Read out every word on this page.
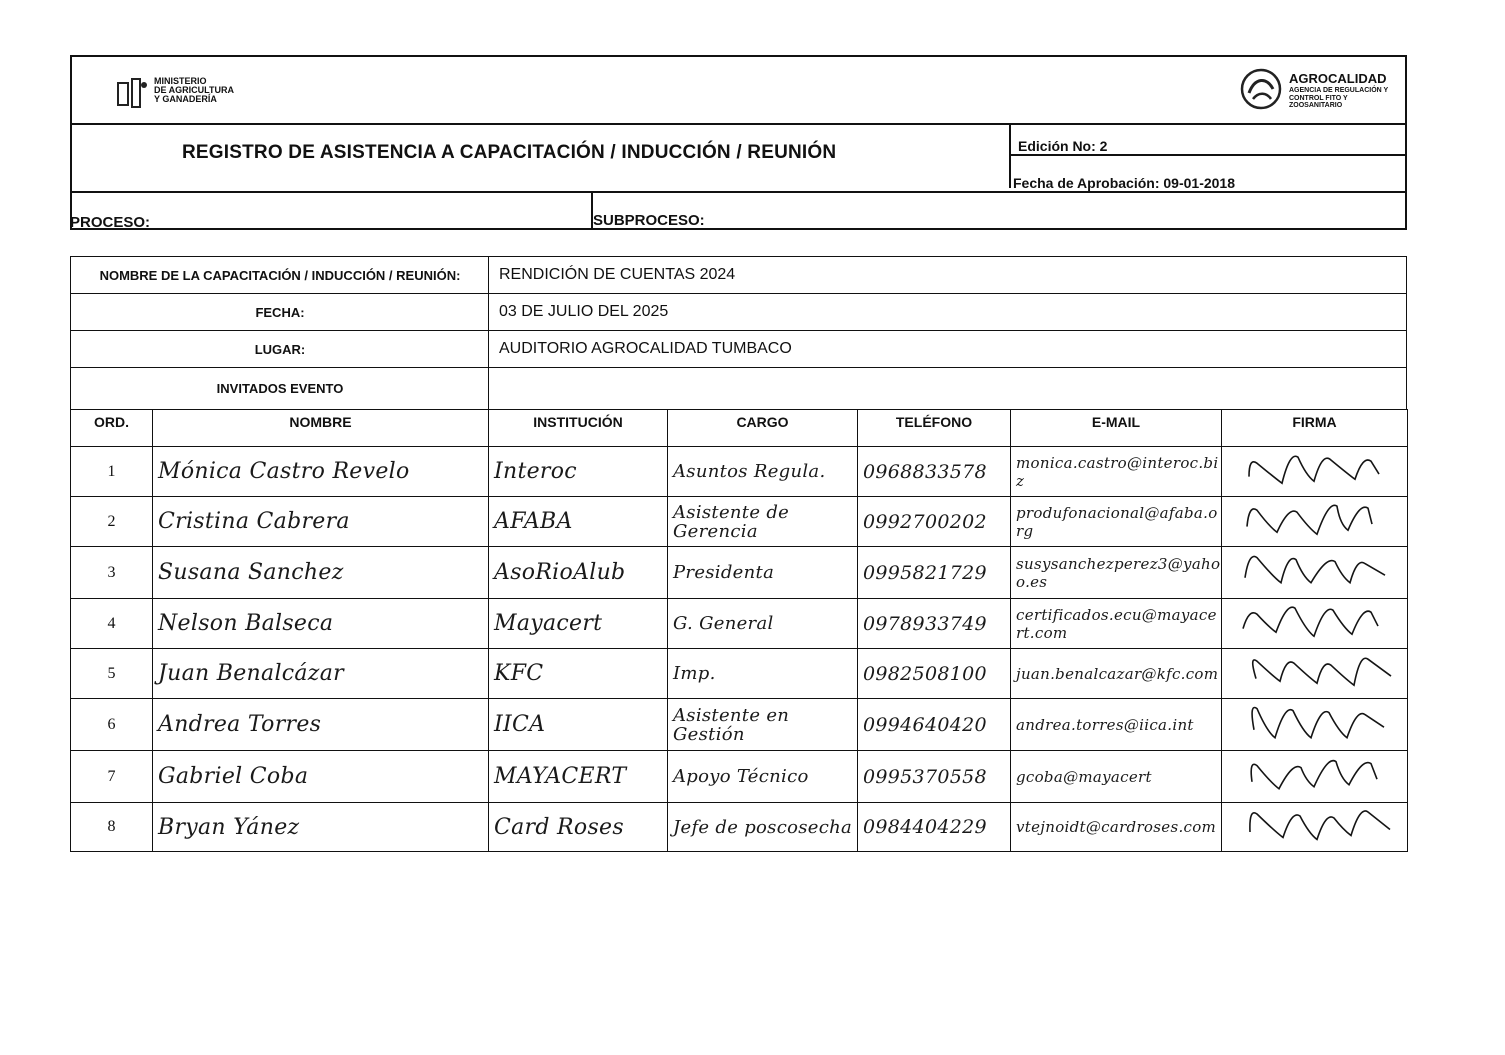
MINISTERIO
DE AGRICULTURA
Y GANADERÍA
AGROCALIDAD
AGENCIA DE REGULACIÓN Y
CONTROL FITO Y ZOOSANITARIO
REGISTRO DE ASISTENCIA A CAPACITACIÓN / INDUCCIÓN / REUNIÓN	Edición No: 2
Fecha de Aprobación: 09-01-2018
PROCESO:	SUBPROCESO:
NOMBRE DE LA CAPACITACIÓN / INDUCCIÓN / REUNIÓN: RENDICIÓN DE CUENTAS 2024
FECHA:	03 DE JULIO DEL 2025
LUGAR:	AUDITORIO AGROCALIDAD TUMBACO
INVITADOS EVENTO
ORD.	NOMBRE	INSTITUCIÓN	CARGO	TELÉFONO	E-MAIL	FIRMA
1 Mónica Castro Revelo	Interoc	Asuntos Regula. 0968833578	monica.castro@interoc.biz
2 Cristina Cabrera	AFABA	Asistente de Gerencia	0992700202	produfonacional@afaba.org
3 Susana Sanchez	AsoRioAlub	Presidenta	0995821729	susysanchezperez3@yahoo.es
4 Nelson Balseca	Mayacert	G. General	0978933749	certificados.ecu@mayacert.com
5 Juan Benalcázar	KFC	Imp.	0982508100	juan.benalcazar@kfc.com
6 Andrea Torres	IICA	Asistente en Gestión	0994640420	andrea.torres@iica.int
7 Gabriel Coba	MAYACERT	Apoyo Técnico	0995370558	gcoba@mayacert
8 Bryan Yánez	Card Roses	Jefe de poscosecha 0984404229	vtejnoidt@cardroses.com
